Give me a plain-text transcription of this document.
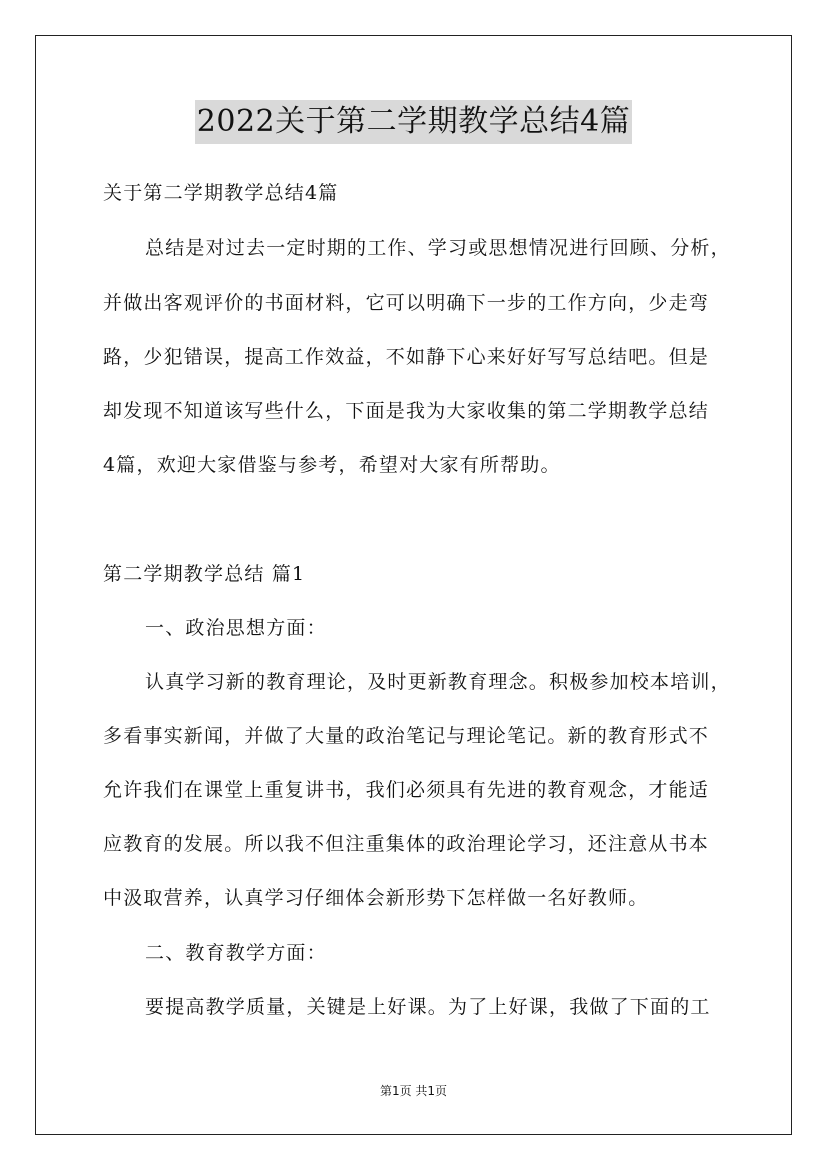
2022关于第二学期教学总结4篇
关于第二学期教学总结4篇
总结是对过去一定时期的工作、学习或思想情况进行回顾、分析，
并做出客观评价的书面材料，它可以明确下一步的工作方向，少走弯
路，少犯错误，提高工作效益，不如静下心来好好写写总结吧。但是
却发现不知道该写些什么，下面是我为大家收集的第二学期教学总结
4篇，欢迎大家借鉴与参考，希望对大家有所帮助。
第二学期教学总结 篇1
一、政治思想方面：
认真学习新的教育理论，及时更新教育理念。积极参加校本培训，
多看事实新闻，并做了大量的政治笔记与理论笔记。新的教育形式不
允许我们在课堂上重复讲书，我们必须具有先进的教育观念，才能适
应教育的发展。所以我不但注重集体的政治理论学习，还注意从书本
中汲取营养，认真学习仔细体会新形势下怎样做一名好教师。
二、教育教学方面：
要提高教学质量，关键是上好课。为了上好课，我做了下面的工
第1页 共1页
